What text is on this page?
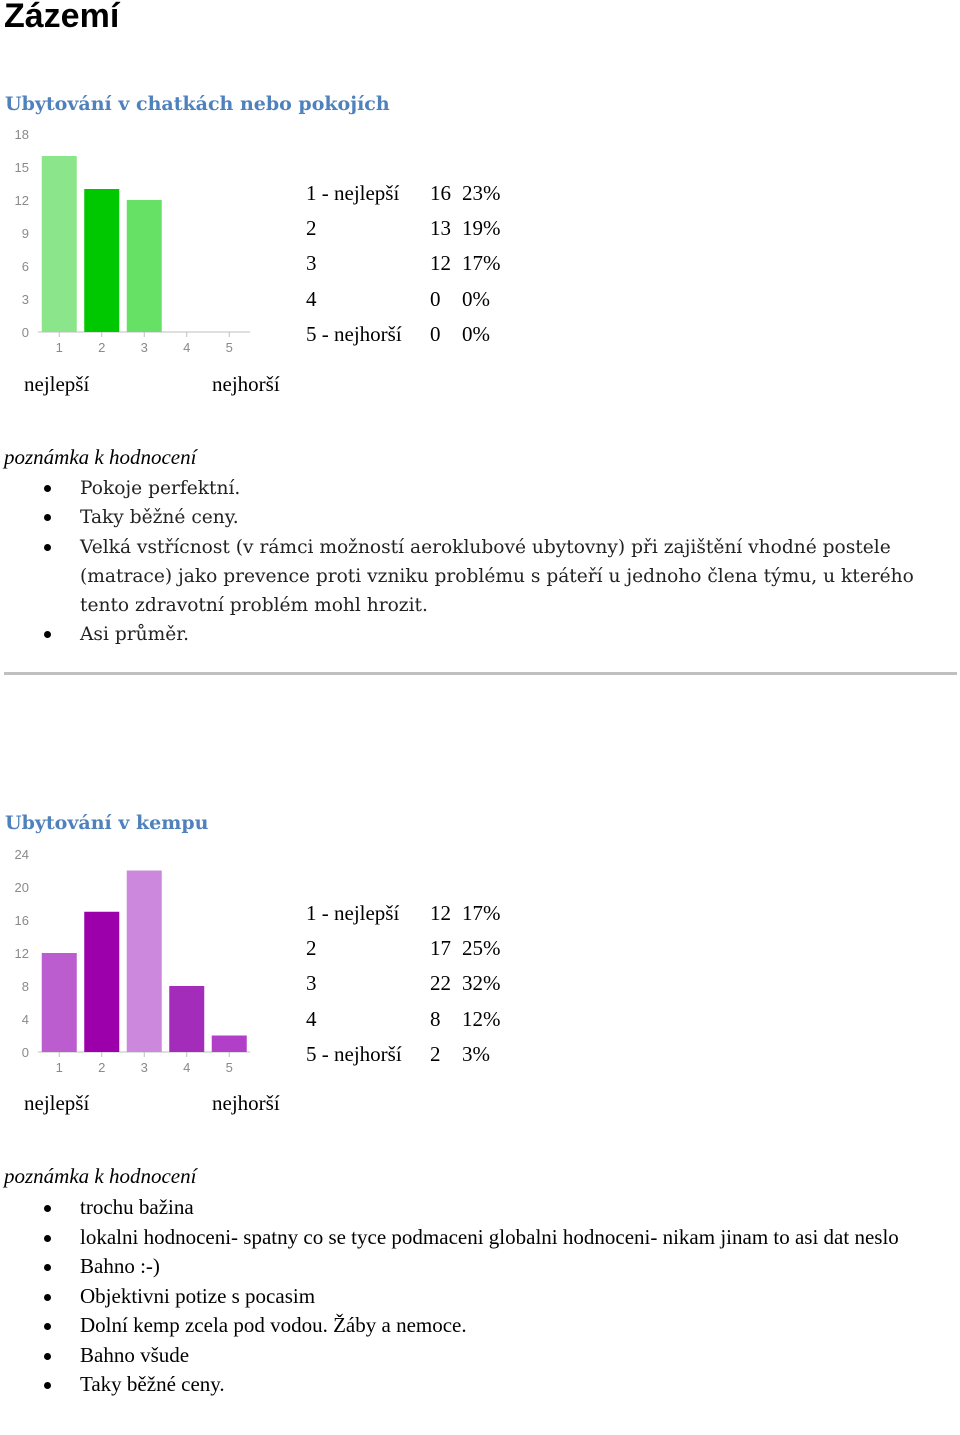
Zázemí
Ubytování v chatkách nebo pokojích
0
3
6
9
12
15
18
1	2	3	4	5
1 - nejlepší	16	23%
2	13	19%
3	12	17%
4	0	0%
5 - nejhorší	0	0%
nejlepší	nejhorší
poznámka k hodnocení
Pokoje perfektní.
Taky běžné ceny.
Velká vstřícnost (v rámci možností aeroklubové ubytovny) při zajištění vhodné postele (matrace) jako prevence proti vzniku problému s páteří u jednoho člena týmu, u kterého tento zdravotní problém mohl hrozit.
Asi průměr.
Ubytování v kempu
0
4
8
12
16
20
24
1	2	3	4	5
1 - nejlepší	12	17%
2	17	25%
3	22	32%
4	8	12%
5 - nejhorší	2	3%
nejlepší	nejhorší
poznámka k hodnocení
trochu bažina
lokalni hodnoceni- spatny co se tyce podmaceni globalni hodnoceni- nikam jinam to asi dat neslo
Bahno :-)
Objektivni potize s pocasim
Dolní kemp zcela pod vodou. Žáby a nemoce.
Bahno všude
Taky běžné ceny.
